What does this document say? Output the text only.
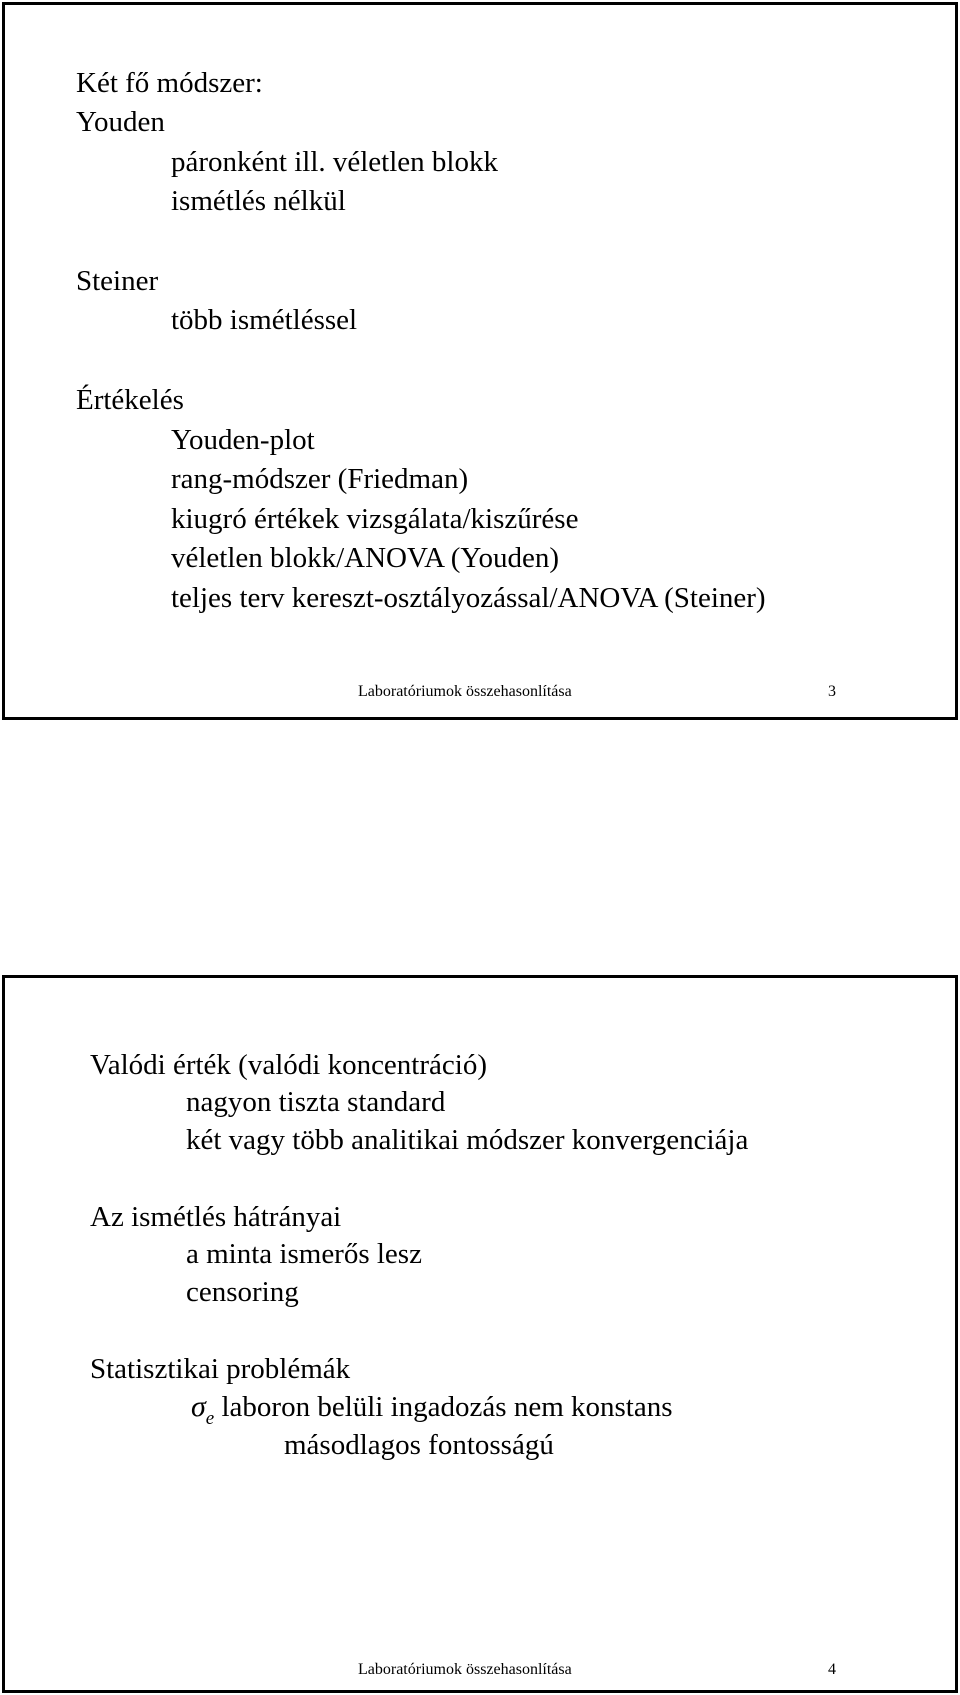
Két fő módszer:
Youden
páronként ill. véletlen blokk
ismétlés nélkül
Steiner
több ismétléssel
Értékelés
Youden-plot
rang-módszer (Friedman)
kiugró értékek vizsgálata/kiszűrése
véletlen blokk/ANOVA (Youden)
teljes terv kereszt-osztályozással/ANOVA (Steiner)
Laboratóriumok összehasonlítása	3
Valódi érték (valódi koncentráció)
nagyon tiszta standard
két vagy több analitikai módszer konvergenciája
Az ismétlés hátrányai
a minta ismerős lesz
censoring
Statisztikai problémák
$\sigma_e$ laboron belüli ingadozás nem konstans
másodlagos fontosságú
Laboratóriumok összehasonlítása	4
